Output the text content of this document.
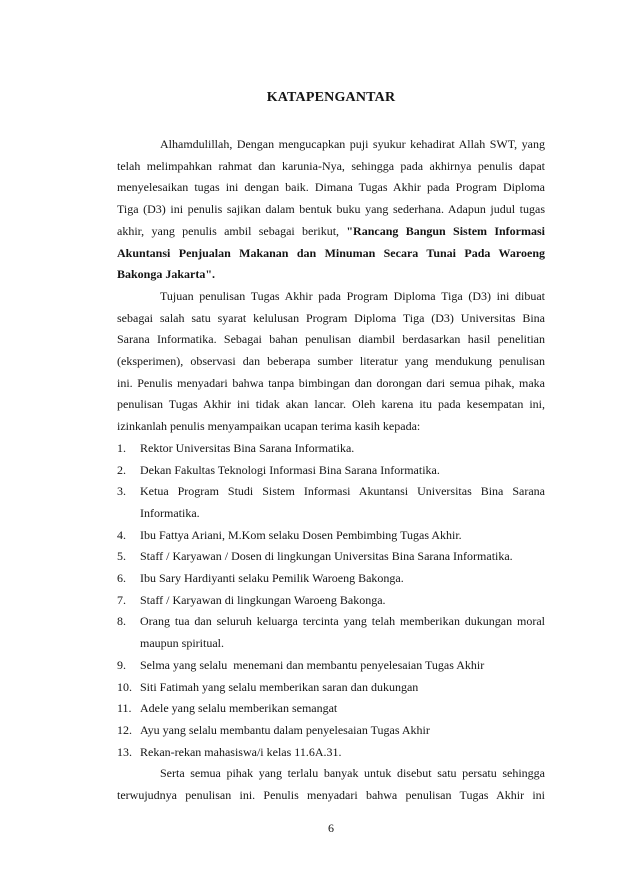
KATAPENGANTAR
Alhamdulillah, Dengan mengucapkan puji syukur kehadirat Allah SWT, yang
telah melimpahkan rahmat dan karunia-Nya, sehingga pada akhirnya penulis dapat
menyelesaikan tugas ini dengan baik. Dimana Tugas Akhir pada Program Diploma
Tiga (D3) ini penulis sajikan dalam bentuk buku yang sederhana. Adapun judul tugas
akhir, yang penulis ambil sebagai berikut, "Rancang Bangun Sistem Informasi
Akuntansi Penjualan Makanan dan Minuman Secara Tunai Pada Waroeng
Bakonga Jakarta".
Tujuan penulisan Tugas Akhir pada Program Diploma Tiga (D3) ini dibuat
sebagai salah satu syarat kelulusan Program Diploma Tiga (D3) Universitas Bina
Sarana Informatika. Sebagai bahan penulisan diambil berdasarkan hasil penelitian
(eksperimen), observasi dan beberapa sumber literatur yang mendukung penulisan
ini. Penulis menyadari bahwa tanpa bimbingan dan dorongan dari semua pihak, maka
penulisan Tugas Akhir ini tidak akan lancar. Oleh karena itu pada kesempatan ini,
izinkanlah penulis menyampaikan ucapan terima kasih kepada:
1.	Rektor Universitas Bina Sarana Informatika.
2.	Dekan Fakultas Teknologi Informasi Bina Sarana Informatika.
3.	Ketua Program Studi Sistem Informasi Akuntansi Universitas Bina Sarana
Informatika.
4.	Ibu Fattya Ariani, M.Kom selaku Dosen Pembimbing Tugas Akhir.
5.	Staff / Karyawan / Dosen di lingkungan Universitas Bina Sarana Informatika.
6.	Ibu Sary Hardiyanti selaku Pemilik Waroeng Bakonga.
7.	Staff / Karyawan di lingkungan Waroeng Bakonga.
8.	Orang tua dan seluruh keluarga tercinta yang telah memberikan dukungan moral
maupun spiritual.
9.	Selma yang selalu  menemani dan membantu penyelesaian Tugas Akhir
10. Siti Fatimah yang selalu memberikan saran dan dukungan
11. Adele yang selalu memberikan semangat
12. Ayu yang selalu membantu dalam penyelesaian Tugas Akhir
13. Rekan-rekan mahasiswa/i kelas 11.6A.31.
Serta semua pihak yang terlalu banyak untuk disebut satu persatu sehingga
terwujudnya penulisan ini. Penulis menyadari bahwa penulisan Tugas Akhir ini
6
